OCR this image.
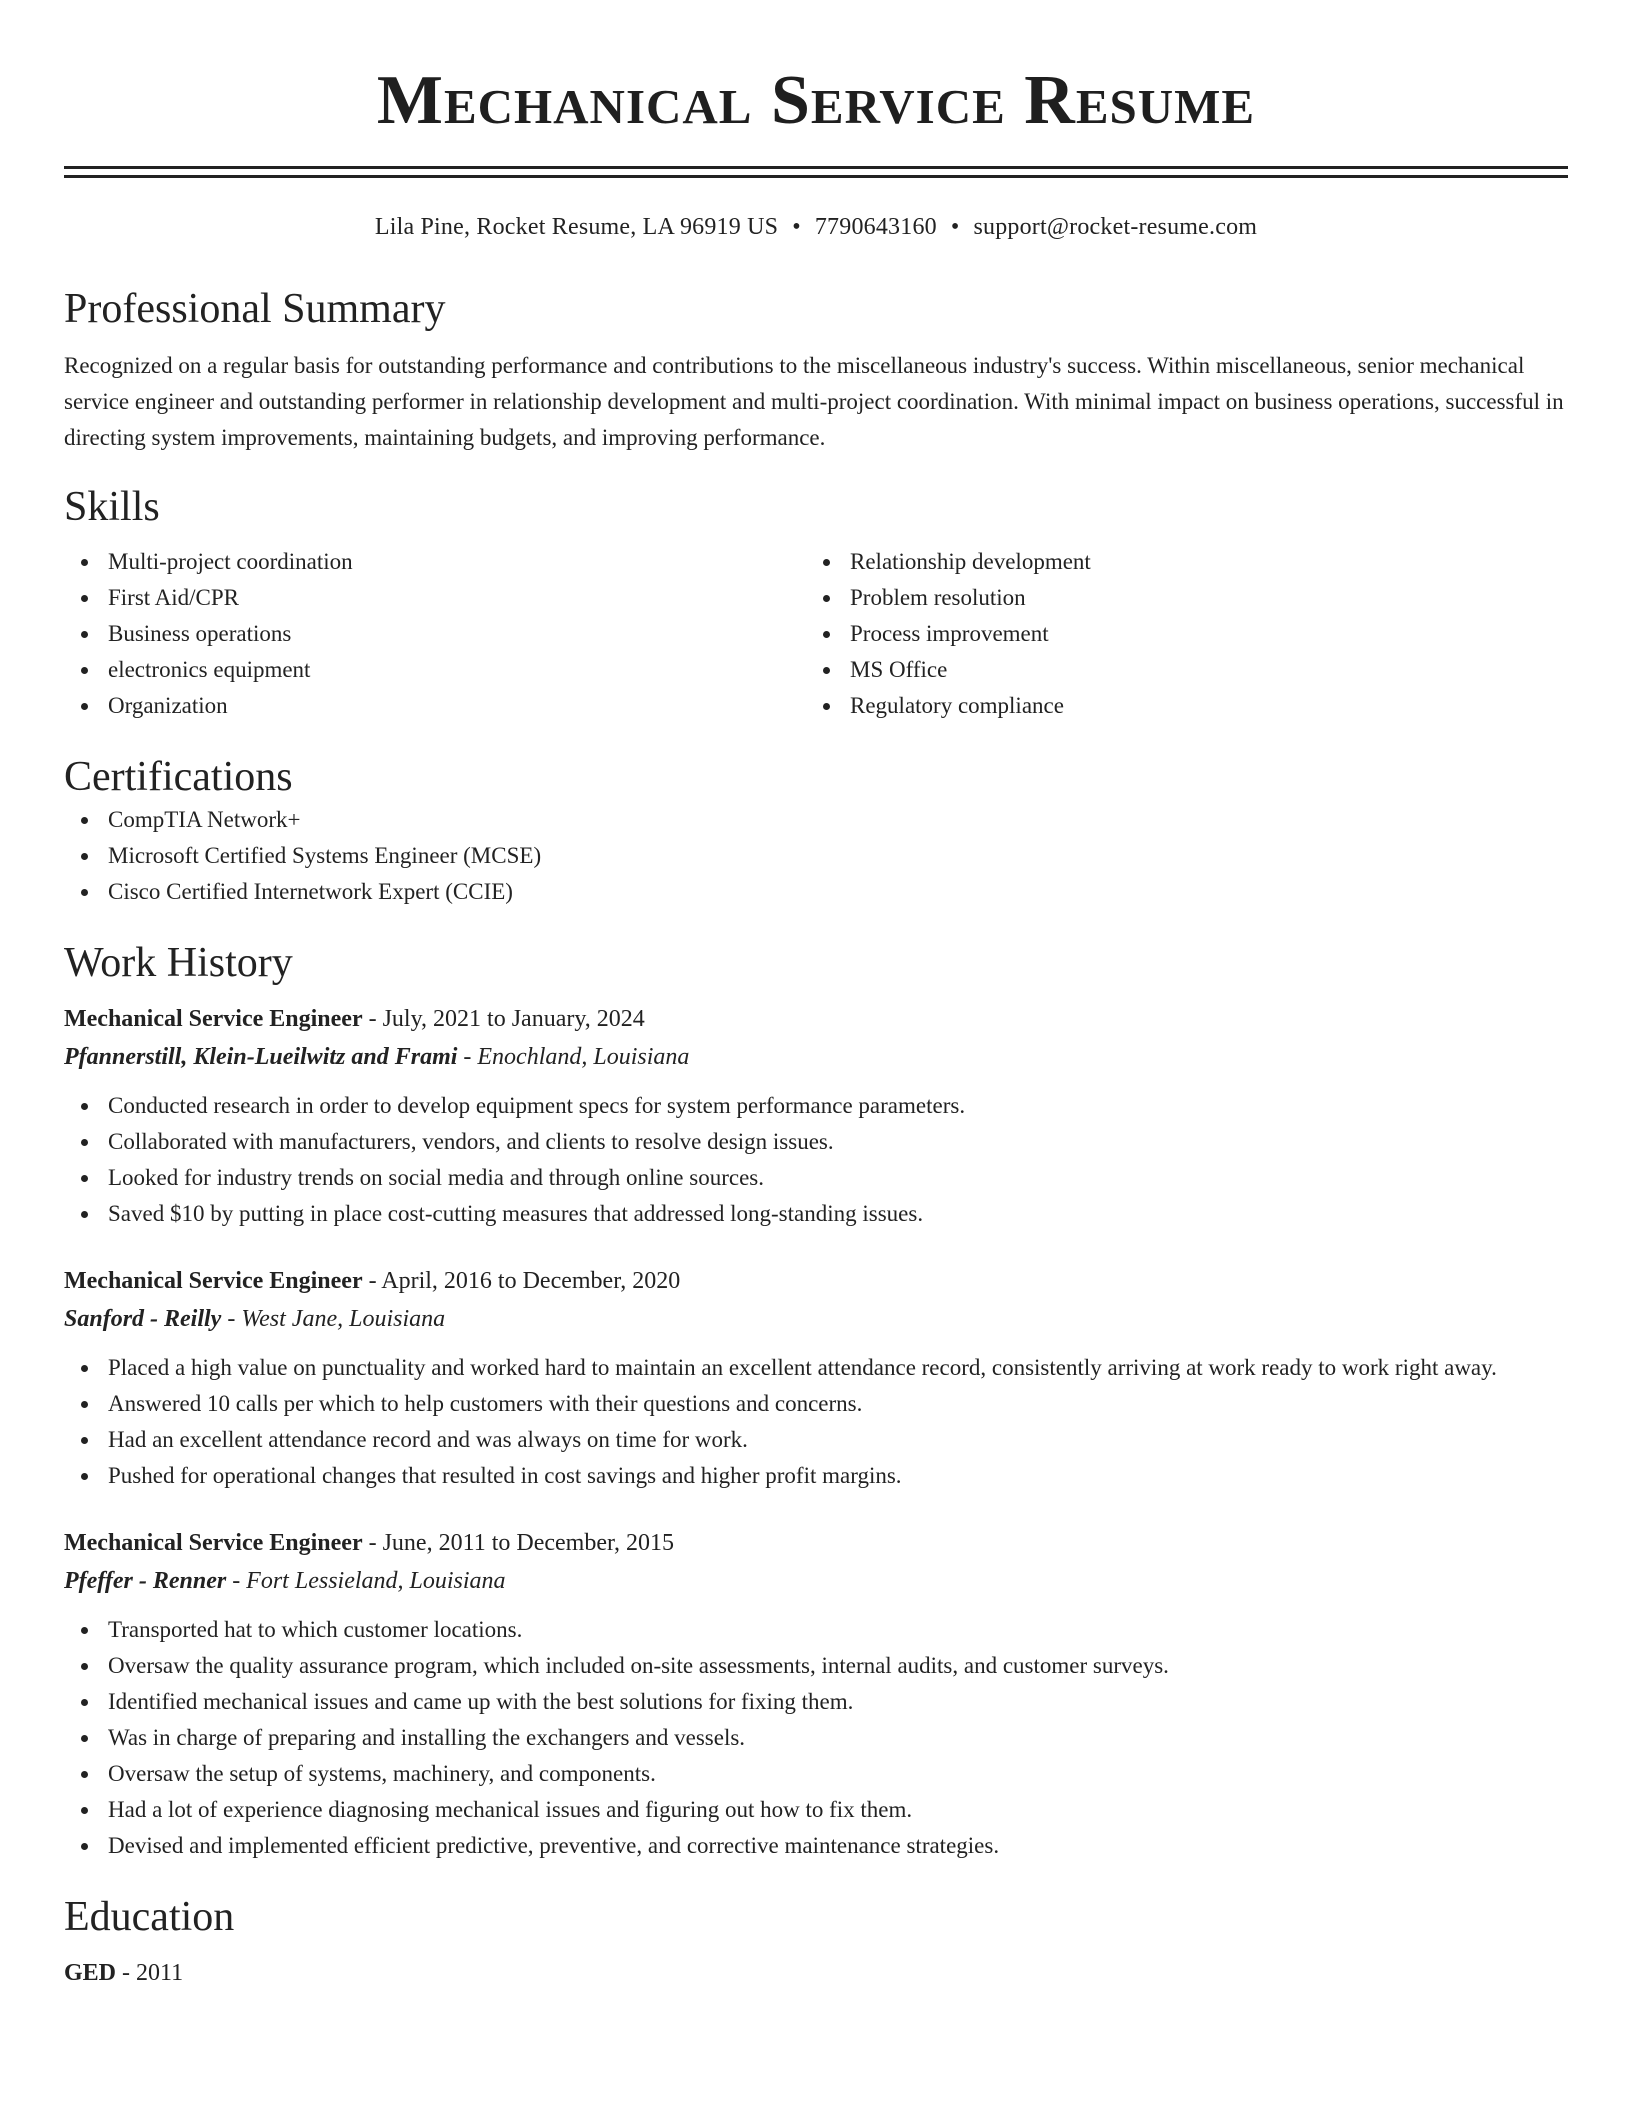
Mechanical Service Resume
Lila Pine, Rocket Resume, LA 96919 US • 7790643160 • support@rocket-resume.com
Professional Summary

Recognized on a regular basis for outstanding performance and contributions to the miscellaneous industry's success. Within miscellaneous, senior mechanical service engineer and outstanding performer in relationship development and multi-project coordination. With minimal impact on business operations, successful in directing system improvements, maintaining budgets, and improving performance.

Skills
Multi-project coordination
First Aid/CPR
Business operations
electronics equipment
Organization
Relationship development
Problem resolution
Process improvement
MS Office
Regulatory compliance
Certifications
CompTIA Network+
Microsoft Certified Systems Engineer (MCSE)
Cisco Certified Internetwork Expert (CCIE)
Work History
Mechanical Service Engineer - July, 2021 to January, 2024
Pfannerstill, Klein-Lueilwitz and Frami - Enochland, Louisiana
Conducted research in order to develop equipment specs for system performance parameters.
Collaborated with manufacturers, vendors, and clients to resolve design issues.
Looked for industry trends on social media and through online sources.
Saved $10 by putting in place cost-cutting measures that addressed long-standing issues.
Mechanical Service Engineer - April, 2016 to December, 2020
Sanford - Reilly - West Jane, Louisiana
Placed a high value on punctuality and worked hard to maintain an excellent attendance record, consistently arriving at work ready to work right away.
Answered 10 calls per which to help customers with their questions and concerns.
Had an excellent attendance record and was always on time for work.
Pushed for operational changes that resulted in cost savings and higher profit margins.
Mechanical Service Engineer - June, 2011 to December, 2015
Pfeffer - Renner - Fort Lessieland, Louisiana
Transported hat to which customer locations.
Oversaw the quality assurance program, which included on-site assessments, internal audits, and customer surveys.
Identified mechanical issues and came up with the best solutions for fixing them.
Was in charge of preparing and installing the exchangers and vessels.
Oversaw the setup of systems, machinery, and components.
Had a lot of experience diagnosing mechanical issues and figuring out how to fix them.
Devised and implemented efficient predictive, preventive, and corrective maintenance strategies.
Education
GED - 2011
